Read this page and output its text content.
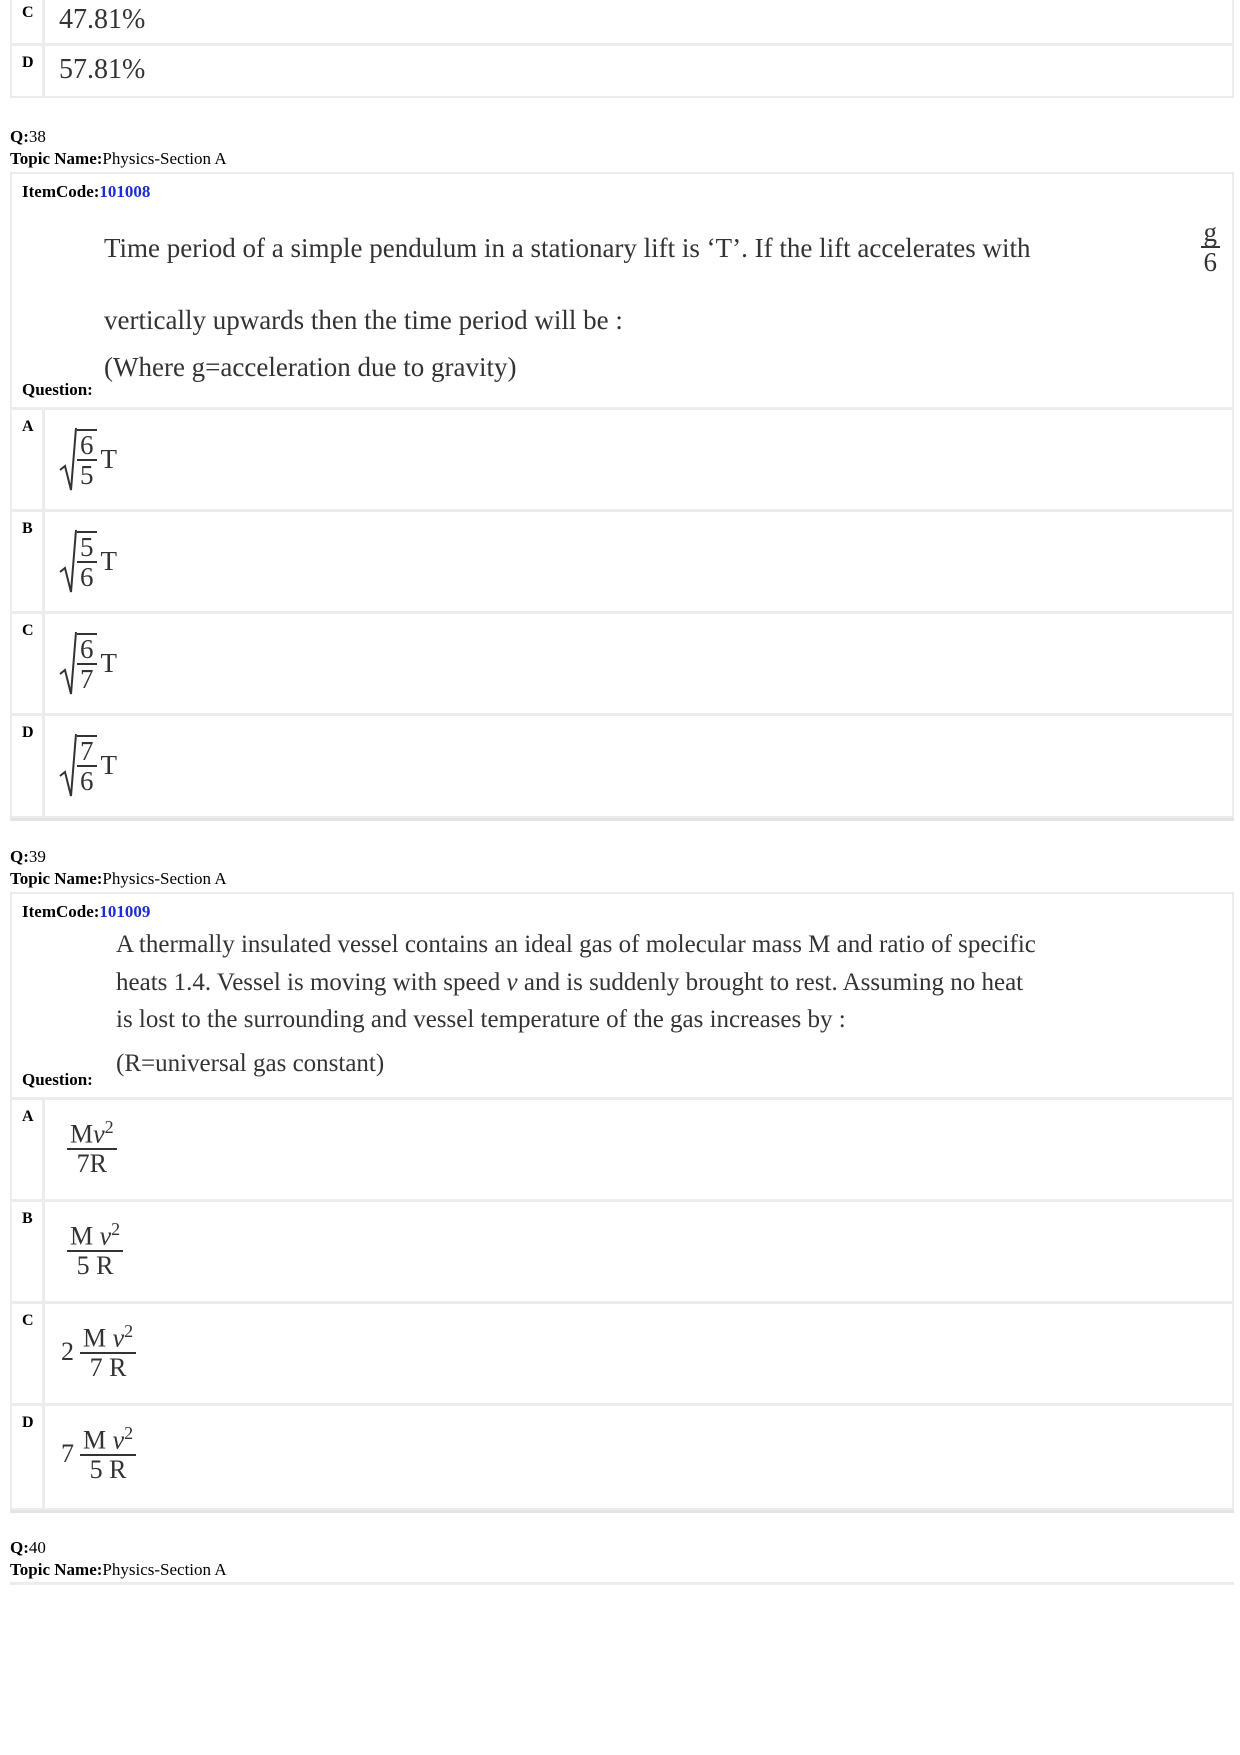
C 47.81%
D 57.81%
Q:38
Topic Name:Physics-Section A
ItemCode:101008
Time period of a simple pendulum in a stationary lift is ‘T’. If the lift accelerates with	$\frac{g}{6}$
vertically upwards then the time period will be :
(Where g=acceleration due to gravity)
Question:
A
$\frac{6}{5}$ T
B
$\frac{5}{6}$ T
C
$\frac{6}{7}$ T
D
$\frac{7}{6}$ T
Q:39
Topic Name:Physics-Section A
ItemCode:101009
A thermally insulated vessel contains an ideal gas of molecular mass M and ratio of specific
heats 1.4. Vessel is moving with speed v and is suddenly brought to rest. Assuming no heat
is lost to the surrounding and vessel temperature of the gas increases by :
(R=universal gas constant)
Question:
A
$\frac{Mv^2}{7R}$
B
$\frac{M v^2}{5 R}$
C
$2 \frac{M v^2}{7 R}$
D
$7 \frac{M v^2}{5 R}$
Q:40
Topic Name:Physics-Section A
